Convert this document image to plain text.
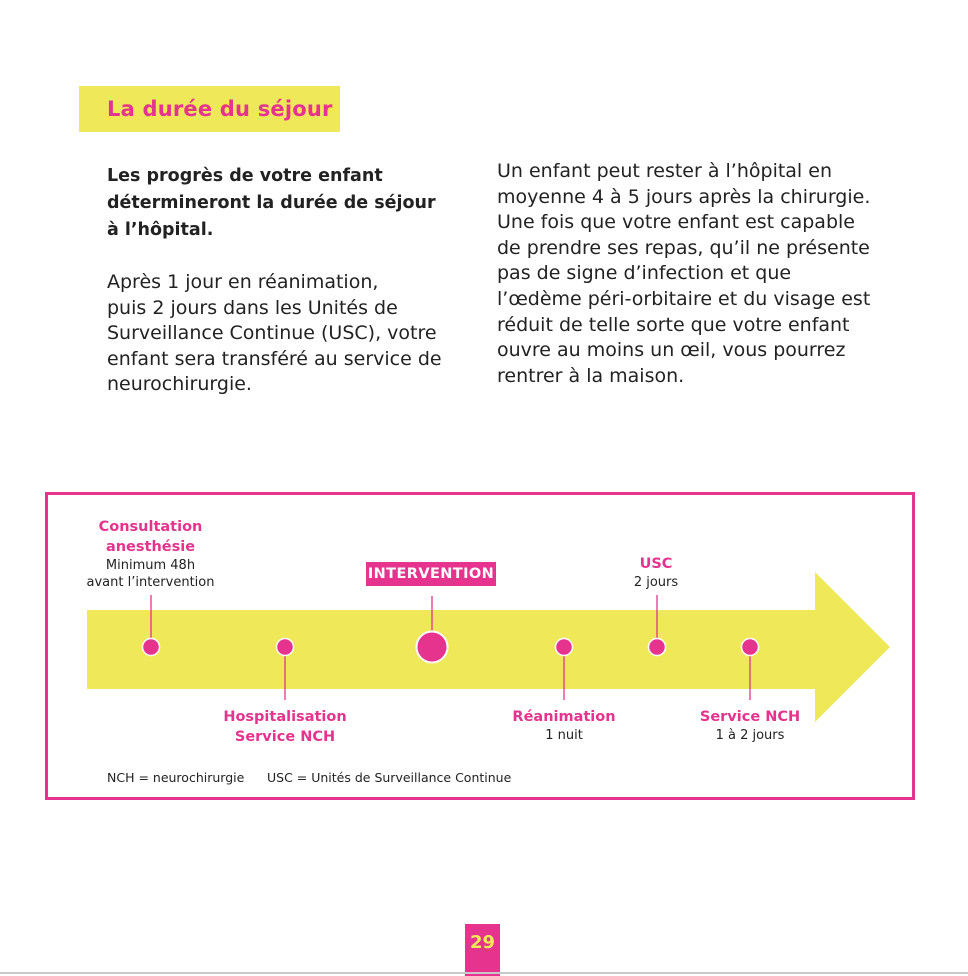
La durée du séjour

Les progrès de votre enfant
détermineront la durée de séjour
à l’hôpital.

Après 1 jour en réanimation,
puis 2 jours dans les Unités de
Surveillance Continue (USC), votre
enfant sera transféré au service de
neurochirurgie.

Un enfant peut rester à l’hôpital en
moyenne 4 à 5 jours après la chirurgie.
Une fois que votre enfant est capable
de prendre ses repas, qu’il ne présente
pas de signe d’infection et que
l’œdème péri-orbitaire et du visage est
réduit de telle sorte que votre enfant
ouvre au moins un œil, vous pourrez
rentrer à la maison.

Consultation
anesthésie
Minimum 48h
avant l’intervention
INTERVENTION
USC
2 jours
Hospitalisation
Service NCH
Réanimation
1 nuit
Service NCH
1 à 2 jours
NCH = neurochirurgie USC = Unités de Surveillance Continue
29
